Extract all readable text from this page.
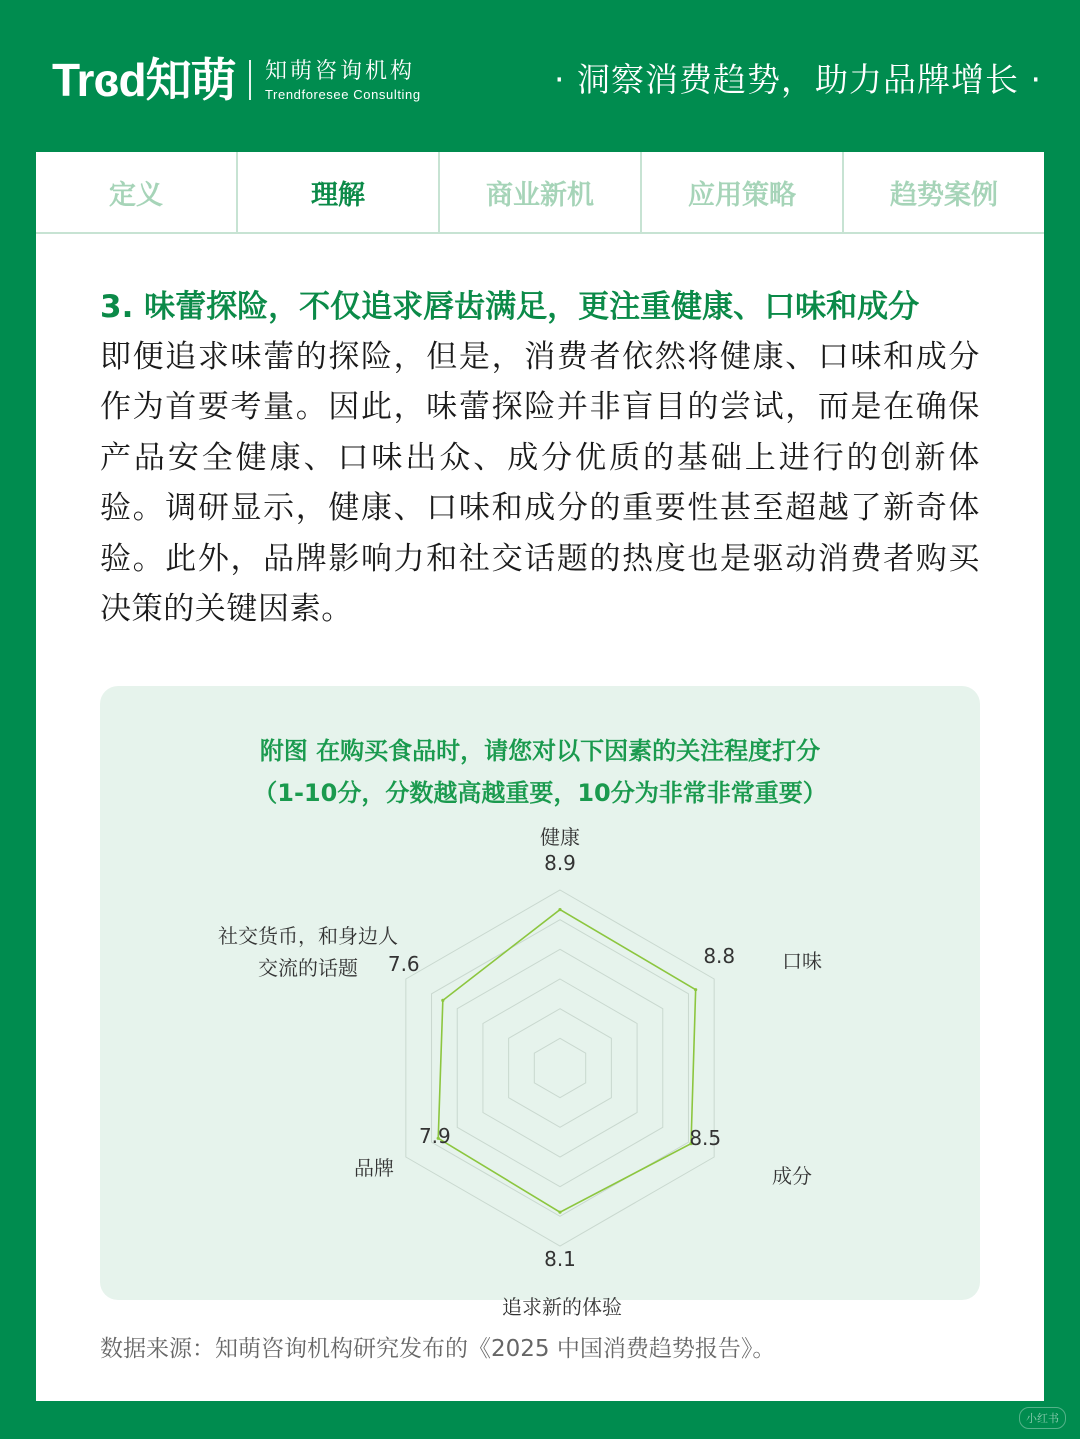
Trɞd知萌 知萌咨询机构
Trendforesee Consulting	· 洞察消费趋势，助力品牌增长 ·
定义	理解	商业新机	应用策略	趋势案例
3. 味蕾探险，不仅追求唇齿满足，更注重健康、口味和成分
即便追求味蕾的探险，但是，消费者依然将健康、口味和成分作为首要考量。因此，味蕾探险并非盲目的尝试，而是在确保产品安全健康、口味出众、成分优质的基础上进行的创新体验。调研显示，健康、口味和成分的重要性甚至超越了新奇体验。此外，品牌影响力和社交话题的热度也是驱动消费者购买决策的关键因素。
附图 在购买食品时，请您对以下因素的关注程度打分
（1-10分，分数越高越重要，10分为非常非常重要）
8.9
8.8
8.5
8.1
7.9
7.6
健康
口味
成分
追求新的体验
品牌
社交货币，和身边人
交流的话题
数据来源：知萌咨询机构研究发布的《2025 中国消费趋势报告》。
小红书
